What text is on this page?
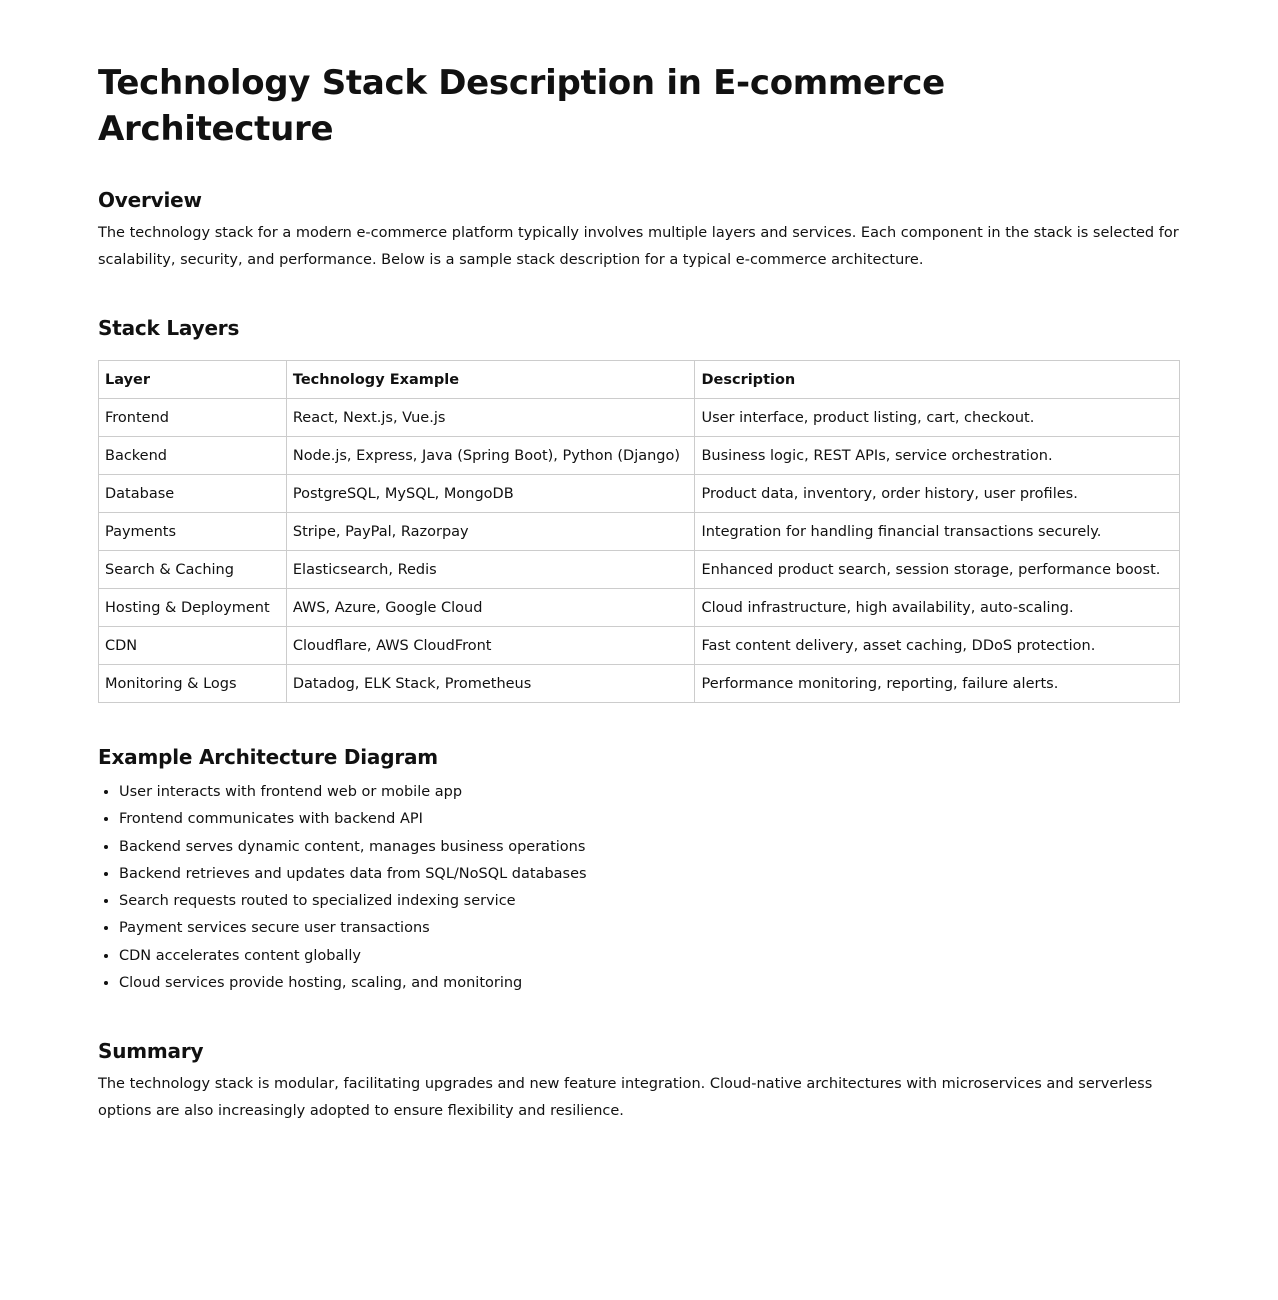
Technology Stack Description in E-commerce Architecture
Overview

The technology stack for a modern e-commerce platform typically involves multiple layers and services. Each component in the stack is selected for scalability, security, and performance. Below is a sample stack description for a typical e-commerce architecture.

Stack Layers
Layer	Technology Example	Description
Frontend	React, Next.js, Vue.js	User interface, product listing, cart, checkout.
Backend	Node.js, Express, Java (Spring Boot), Python (Django)	Business logic, REST APIs, service orchestration.
Database	PostgreSQL, MySQL, MongoDB	Product data, inventory, order history, user profiles.
Payments	Stripe, PayPal, Razorpay	Integration for handling financial transactions securely.
Search & Caching	Elasticsearch, Redis	Enhanced product search, session storage, performance boost.
Hosting & Deployment	AWS, Azure, Google Cloud	Cloud infrastructure, high availability, auto-scaling.
CDN	Cloudflare, AWS CloudFront	Fast content delivery, asset caching, DDoS protection.
Monitoring & Logs	Datadog, ELK Stack, Prometheus	Performance monitoring, reporting, failure alerts.
Example Architecture Diagram
• User interacts with frontend web or mobile app
• Frontend communicates with backend API
• Backend serves dynamic content, manages business operations
• Backend retrieves and updates data from SQL/NoSQL databases
• Search requests routed to specialized indexing service
• Payment services secure user transactions
• CDN accelerates content globally
• Cloud services provide hosting, scaling, and monitoring
Summary

The technology stack is modular, facilitating upgrades and new feature integration. Cloud-native architectures with microservices and serverless options are also increasingly adopted to ensure flexibility and resilience.
